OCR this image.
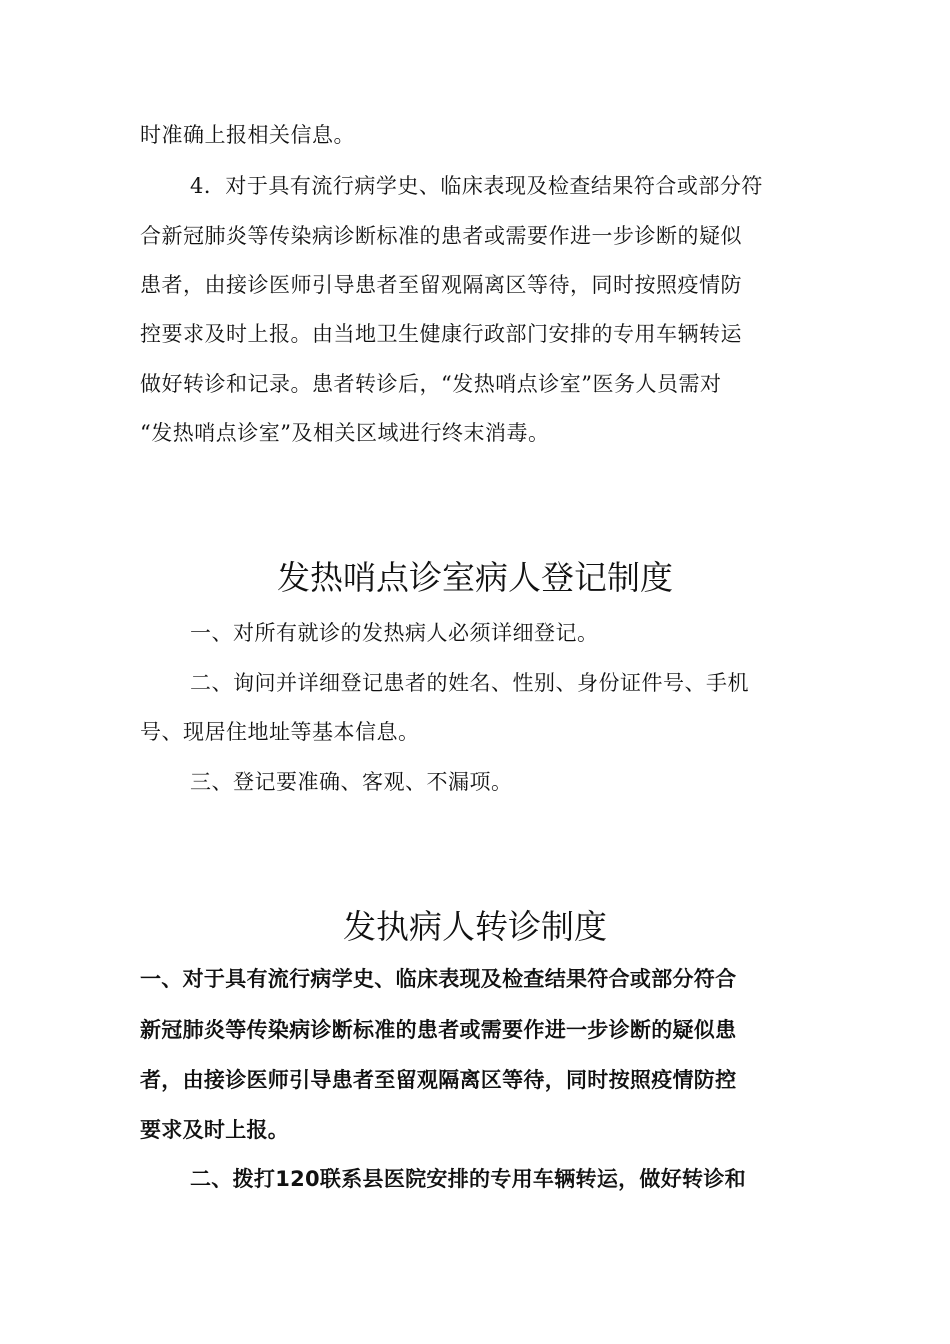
时准确上报相关信息。
4．对于具有流行病学史、临床表现及检查结果符合或部分符
合新冠肺炎等传染病诊断标准的患者或需要作进一步诊断的疑似
患者，由接诊医师引导患者至留观隔离区等待，同时按照疫情防
控要求及时上报。由当地卫生健康行政部门安排的专用车辆转运
做好转诊和记录。患者转诊后，“发热哨点诊室”医务人员需对
“发热哨点诊室”及相关区域进行终末消毒。
发热哨点诊室病人登记制度
一、对所有就诊的发热病人必须详细登记。
二、询问并详细登记患者的姓名、性别、身份证件号、手机
号、现居住地址等基本信息。
三、登记要准确、客观、不漏项。
发执病人转诊制度
一、对于具有流行病学史、临床表现及检查结果符合或部分符合
新冠肺炎等传染病诊断标准的患者或需要作进一步诊断的疑似患
者，由接诊医师引导患者至留观隔离区等待，同时按照疫情防控
要求及时上报。
二、拨打120联系县医院安排的专用车辆转运，做好转诊和
